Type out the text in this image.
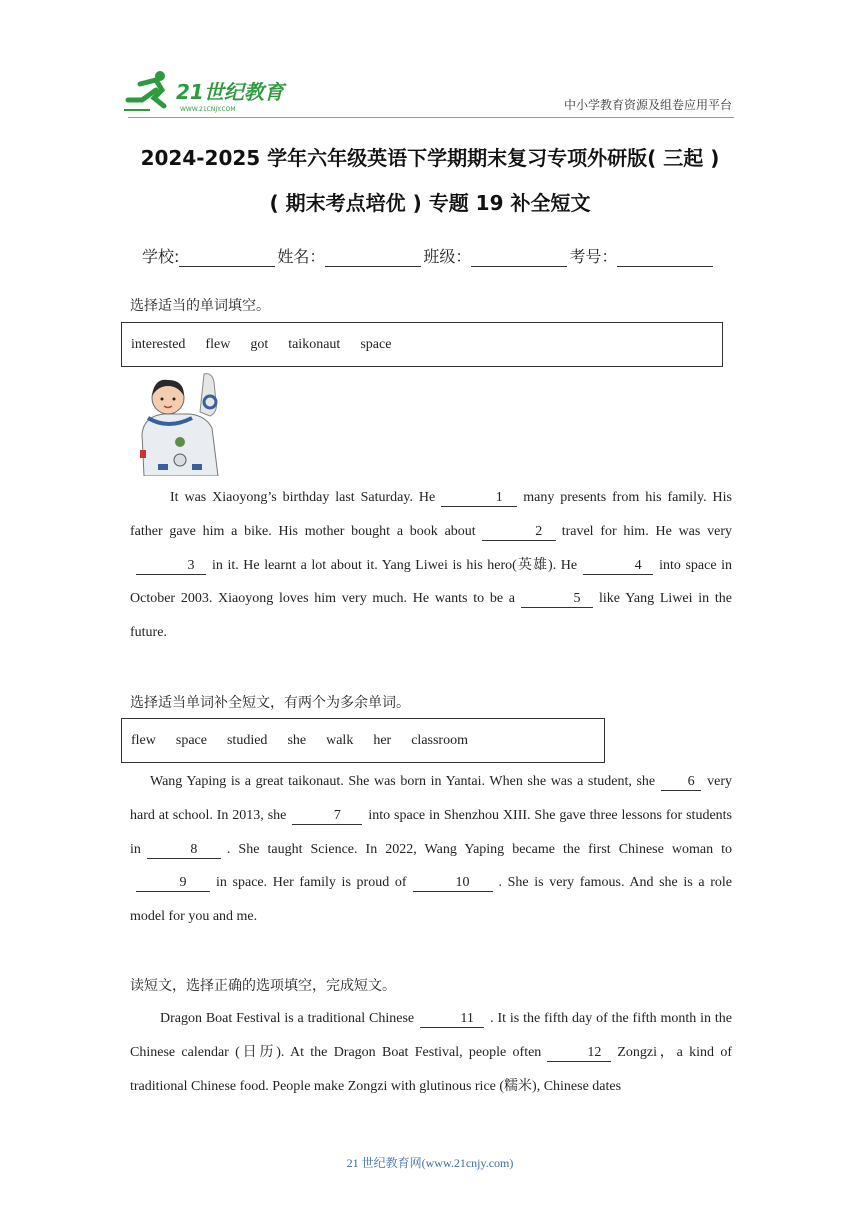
21世纪教育
WWW.21CNJY.COM	中小学教育资源及组卷应用平台
2024-2025 学年六年级英语下学期期末复习专项外研版( 三起 )
( 期末考点培优 ) 专题 19 补全短文
学校:	姓名：	班级：	考号：
选择适当的单词填空。
interested flew got taikonaut space
It was Xiaoyong’s birthday last Saturday. He	1 many presents from his family. His father gave him a bike. His mother bought a book about	2 travel for him. He was very3 in it. He learnt a lot about it. Yang Liwei is his hero(英雄). He	4 into space in October 2003. Xiaoyong loves him very much. He wants to be a	5 like Yang Liwei in the future.
选择适当单词补全短文，有两个为多余单词。
flew space studied she walk her classroom
Wang Yaping is a great taikonaut. She was born in Yantai. When she was a student, she 6 very hard at school. In 2013, she	7 into space in Shenzhou XIII. She gave three lessons for students in	8 . She taught Science. In 2022, Wang Yaping became the first Chinese woman to9 in space. Her family is proud of	10 . She is very famous. And she is a role model for you and me.
读短文，选择正确的选项填空，完成短文。
Dragon Boat Festival is a traditional Chinese	11 . It is the fifth day of the fifth month in the Chinese calendar (日历). At the Dragon Boat Festival, people often	12 Zongzi，a kind of traditional Chinese food. People make Zongzi with glutinous rice (糯米), Chinese dates
21 世纪教育网(www.21cnjy.com)
